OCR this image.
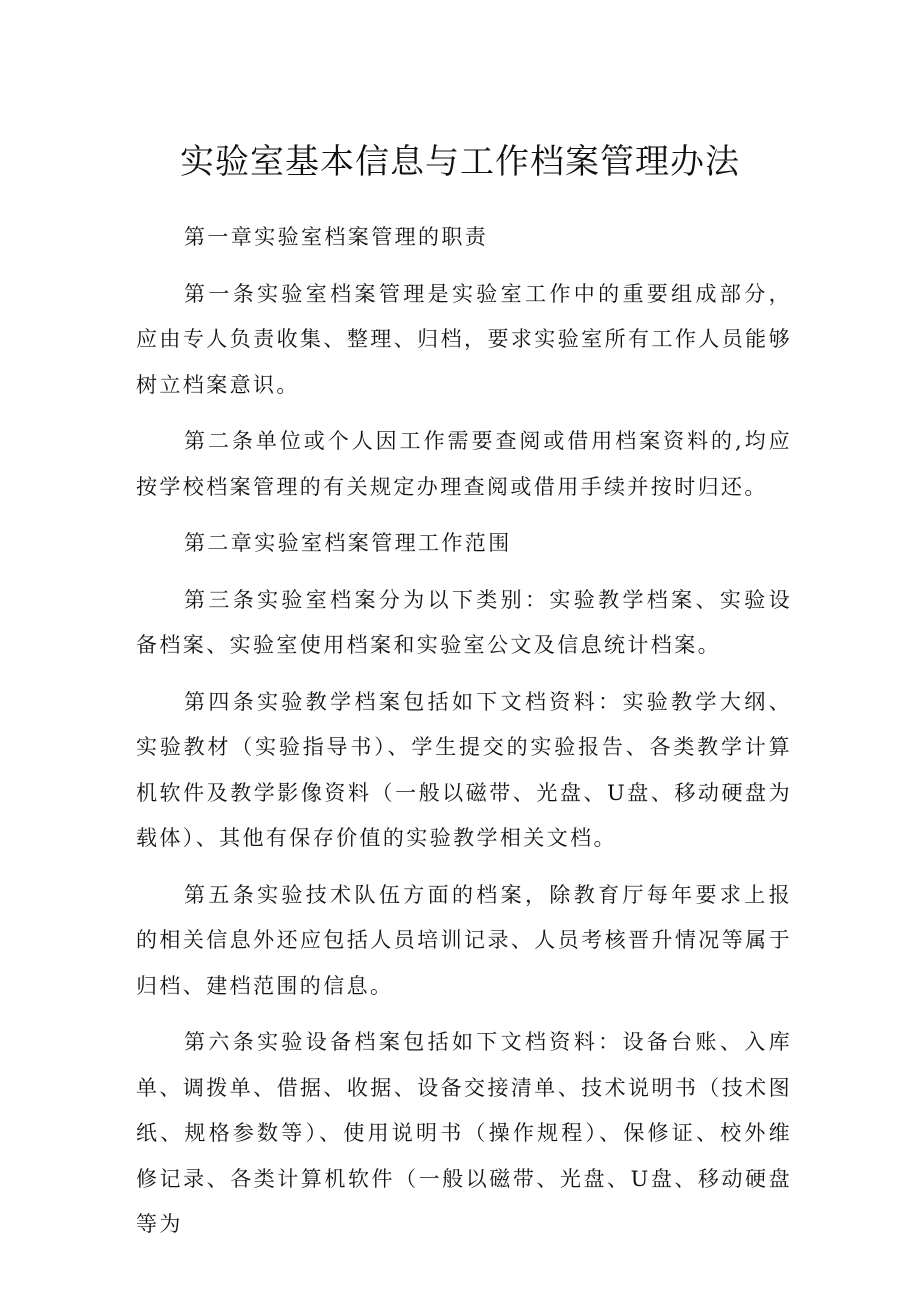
实验室基本信息与工作档案管理办法

第一章实验室档案管理的职责

第一条实验室档案管理是实验室工作中的重要组成部分，应由专人负责收集、整理、归档，要求实验室所有工作人员能够树立档案意识。

第二条单位或个人因工作需要查阅或借用档案资料的,均应按学校档案管理的有关规定办理查阅或借用手续并按时归还。

第二章实验室档案管理工作范围

第三条实验室档案分为以下类别：实验教学档案、实验设备档案、实验室使用档案和实验室公文及信息统计档案。

第四条实验教学档案包括如下文档资料：实验教学大纲、实验教材（实验指导书）、学生提交的实验报告、各类教学计算机软件及教学影像资料（一般以磁带、光盘、U盘、移动硬盘为载体）、其他有保存价值的实验教学相关文档。

第五条实验技术队伍方面的档案，除教育厅每年要求上报的相关信息外还应包括人员培训记录、人员考核晋升情况等属于归档、建档范围的信息。

第六条实验设备档案包括如下文档资料：设备台账、入库单、调拨单、借据、收据、设备交接清单、技术说明书（技术图纸、规格参数等）、使用说明书（操作规程）、保修证、校外维修记录、各类计算机软件（一般以磁带、光盘、U盘、移动硬盘等为
